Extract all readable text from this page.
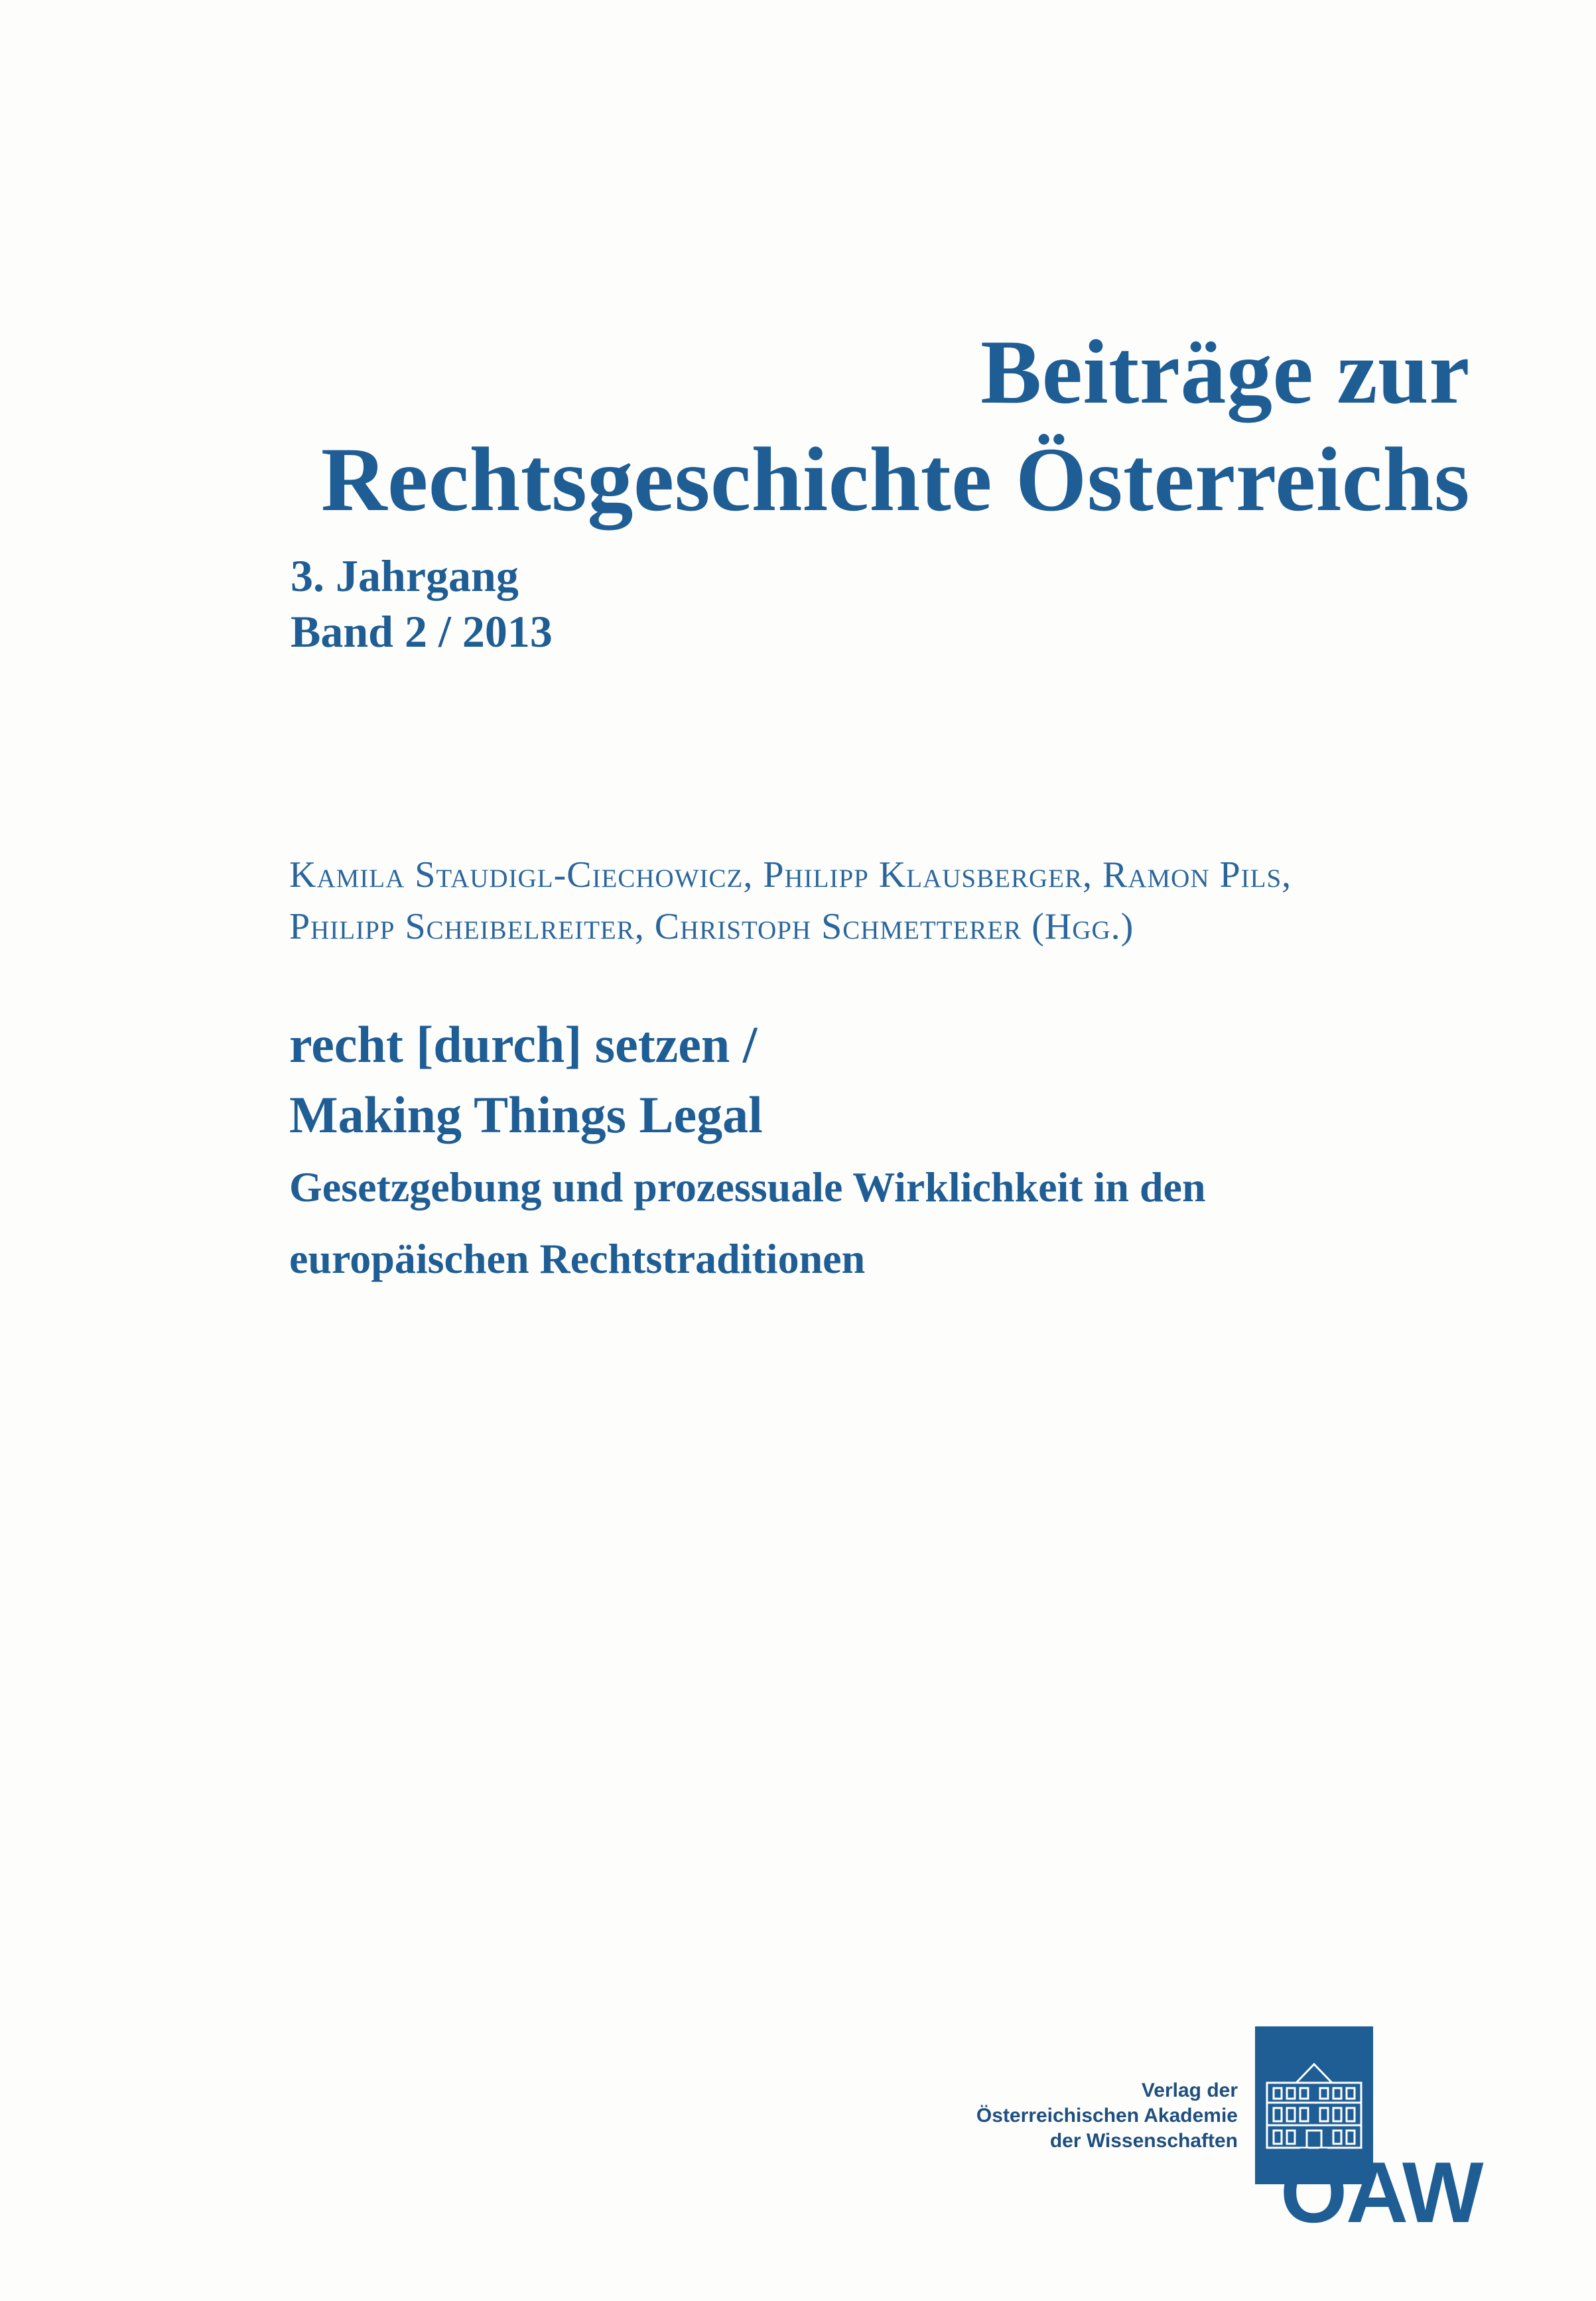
Beiträge zur
Rechtsgeschichte Österreichs
3. Jahrgang
Band 2 / 2013
Kamila Staudigl-Ciechowicz, Philipp Klausberger, Ramon Pils,
Philipp Scheibelreiter, Christoph Schmetterer (Hgg.)
recht [durch] setzen /
Making Things Legal
Gesetzgebung und prozessuale Wirklichkeit in den
europäischen Rechtstraditionen
Verlag der
Österreichischen Akademie
der Wissenschaften
ÖAW
